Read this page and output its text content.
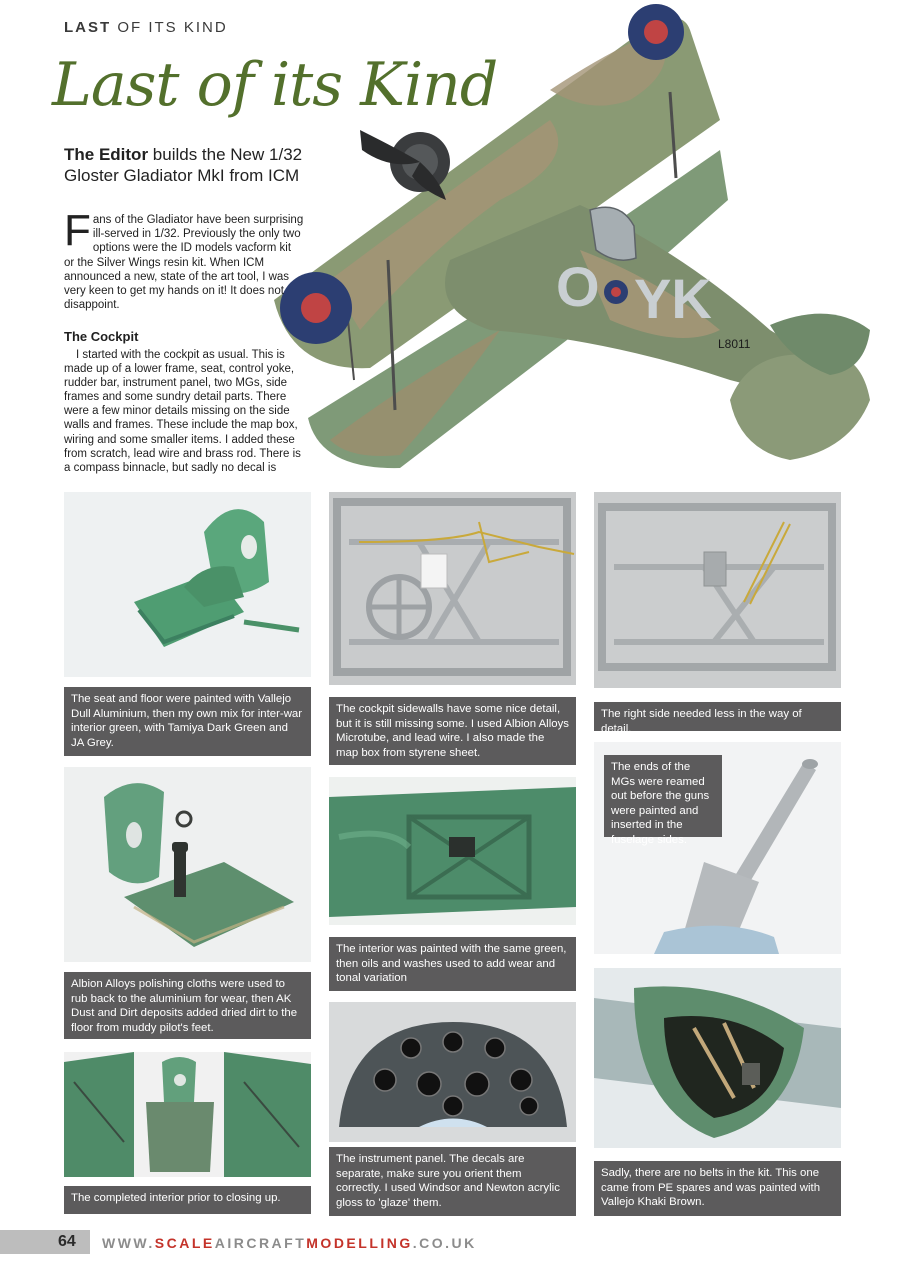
LAST OF ITS KIND
Last of its Kind
The Editor builds the New 1/32 Gloster Gladiator MkI from ICM
O YK
L8011
Fans of the Gladiator have been surprising ill-served in 1/32. Previously the only two options were the ID models vacform kit or the Silver Wings resin kit. When ICM announced a new, state of the art tool, I was very keen to get my hands on it! It does not disappoint.
The Cockpit
I started with the cockpit as usual. This is made up of a lower frame, seat, control yoke, rudder bar, instrument panel, two MGs, side frames and some sundry detail parts. There were a few minor details missing on the side walls and frames. These include the map box, wiring and some smaller items. I added these from scratch, lead wire and brass rod. There is a compass binnacle, but sadly no decal is
The seat and floor were painted with Vallejo Dull Aluminium, then my own mix for inter-war interior green, with Tamiya Dark Green and JA Grey.
Albion Alloys polishing cloths were used to rub back to the aluminium for wear, then AK Dust and Dirt deposits added dried dirt to the floor from muddy pilot's feet.
The completed interior prior to closing up.
The cockpit sidewalls have some nice detail, but it is still missing some. I used Albion Alloys Microtube, and lead wire. I also made the map box from styrene sheet.
The interior was painted with the same green, then oils and washes used to add wear and tonal variation
The instrument panel. The decals are separate, make sure you orient them correctly. I used Windsor and Newton acrylic gloss to 'glaze' them.
The right side needed less in the way of detail.
The ends of the MGs were reamed out before the guns were painted and inserted in the fuselage sides.
Sadly, there are no belts in the kit. This one came from PE spares and was painted with Vallejo Khaki Brown.
64 WWW.SCALEAIRCRAFTMODELLING.CO.UK
